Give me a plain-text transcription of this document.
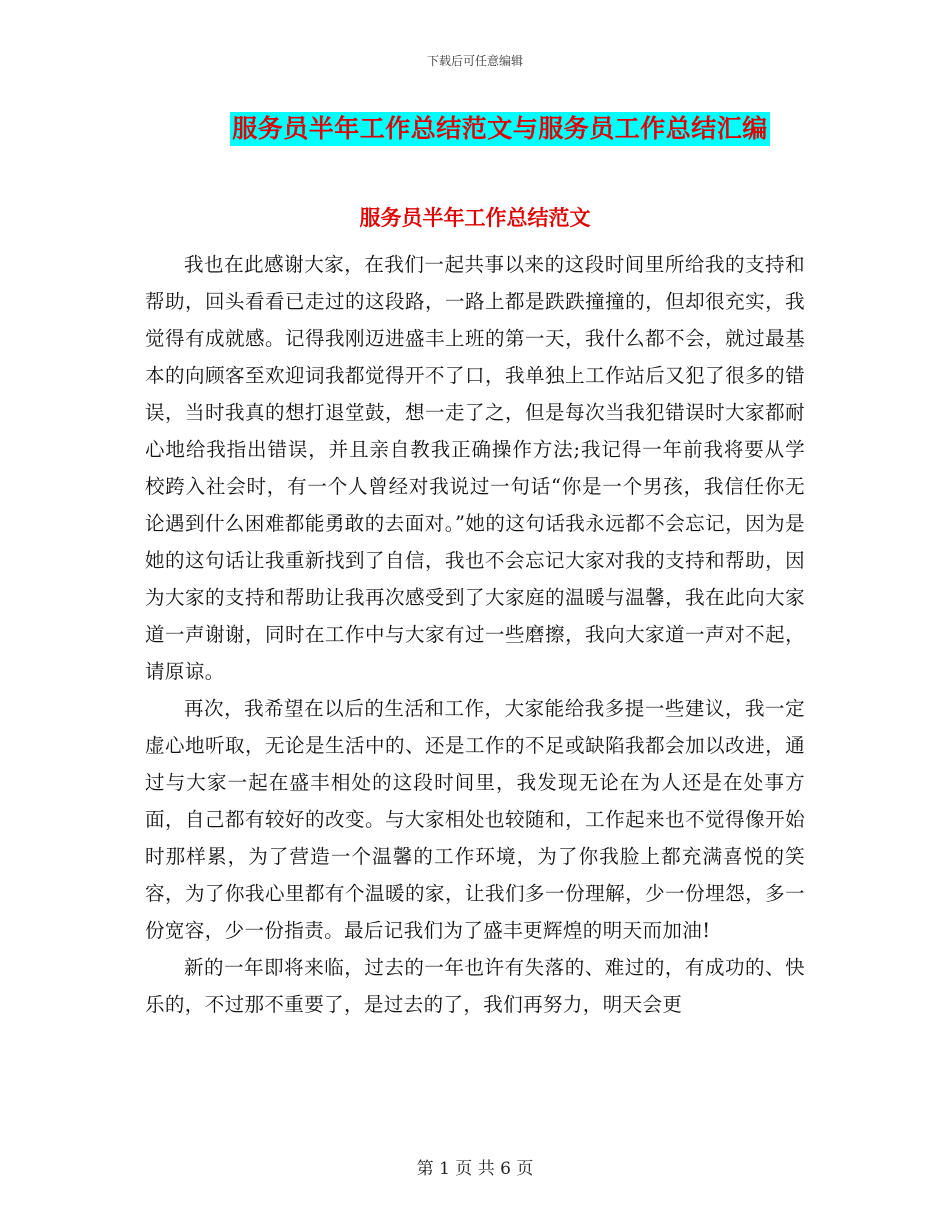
下载后可任意编辑
服务员半年工作总结范文与服务员工作总结汇编
服务员半年工作总结范文

我也在此感谢大家，在我们一起共事以来的这段时间里所给我的支持和帮助，回头看看已走过的这段路，一路上都是跌跌撞撞的，但却很充实，我觉得有成就感。记得我刚迈进盛丰上班的第一天，我什么都不会，就过最基本的向顾客至欢迎词我都觉得开不了口，我单独上工作站后又犯了很多的错误，当时我真的想打退堂鼓，想一走了之，但是每次当我犯错误时大家都耐心地给我指出错误，并且亲自教我正确操作方法;我记得一年前我将要从学校跨入社会时，有一个人曾经对我说过一句话“你是一个男孩，我信任你无论遇到什么困难都能勇敢的去面对。”她的这句话我永远都不会忘记，因为是她的这句话让我重新找到了自信，我也不会忘记大家对我的支持和帮助，因为大家的支持和帮助让我再次感受到了大家庭的温暖与温馨，我在此向大家道一声谢谢，同时在工作中与大家有过一些磨擦，我向大家道一声对不起，请原谅。

再次，我希望在以后的生活和工作，大家能给我多提一些建议，我一定虚心地听取，无论是生活中的、还是工作的不足或缺陷我都会加以改进，通过与大家一起在盛丰相处的这段时间里，我发现无论在为人还是在处事方面，自己都有较好的改变。与大家相处也较随和，工作起来也不觉得像开始时那样累，为了营造一个温馨的工作环境，为了你我脸上都充满喜悦的笑容，为了你我心里都有个温暖的家，让我们多一份理解，少一份埋怨，多一份宽容，少一份指责。最后记我们为了盛丰更辉煌的明天而加油!

新的一年即将来临，过去的一年也许有失落的、难过的，有成功的、快乐的，不过那不重要了，是过去的了，我们再努力，明天会更

第 1 页 共 6 页
